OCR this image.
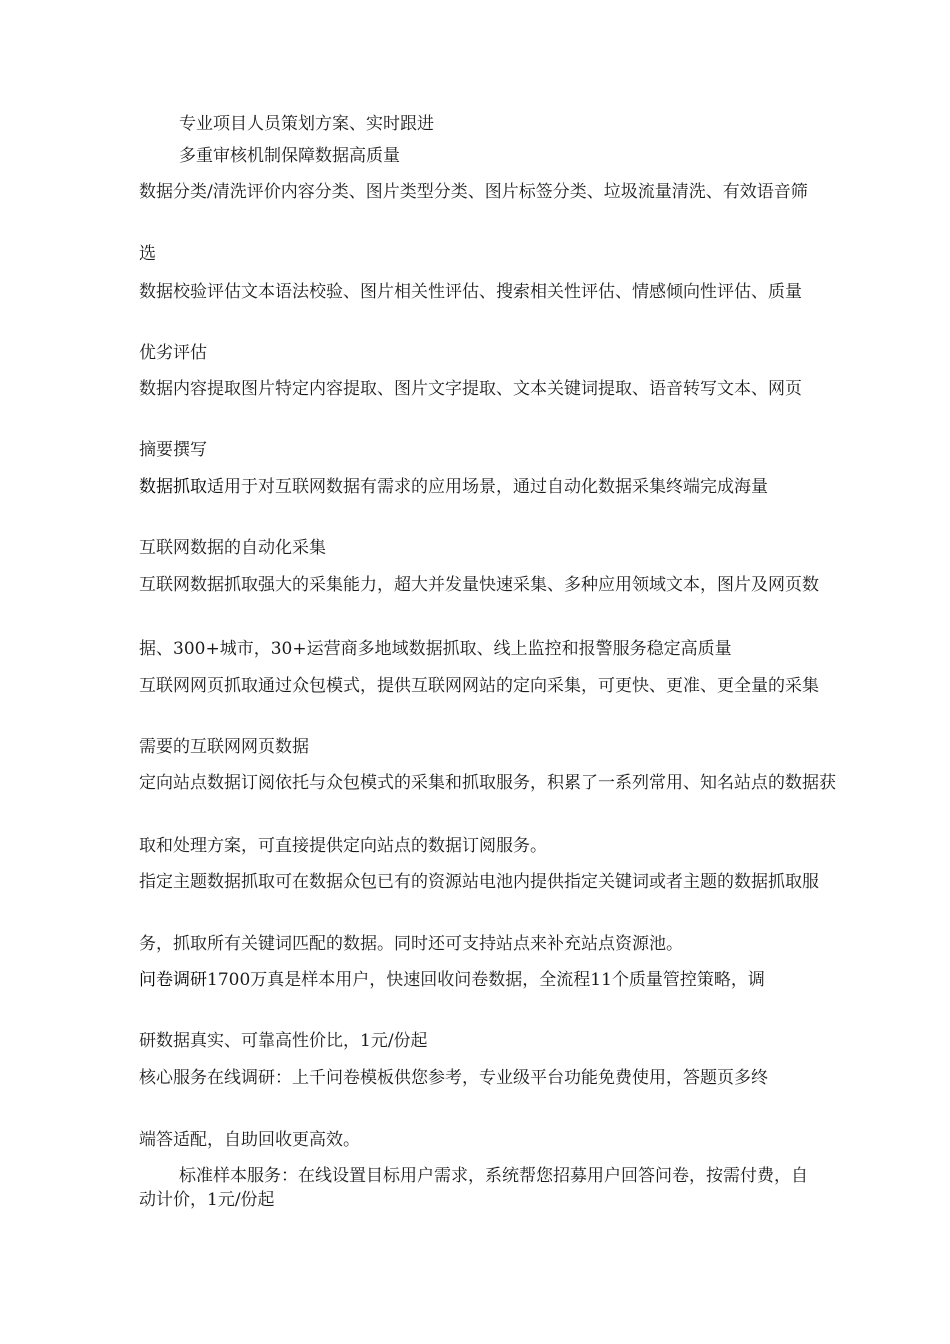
专业项目人员策划方案、实时跟进
多重审核机制保障数据高质量
数据分类/清洗评价内容分类、图片类型分类、图片标签分类、垃圾流量清洗、有效语音筛
选
数据校验评估文本语法校验、图片相关性评估、搜索相关性评估、情感倾向性评估、质量
优劣评估
数据内容提取图片特定内容提取、图片文字提取、文本关键词提取、语音转写文本、网页
摘要撰写
数据抓取适用于对互联网数据有需求的应用场景，通过自动化数据采集终端完成海量
互联网数据的自动化采集
互联网数据抓取强大的采集能力，超大并发量快速采集、多种应用领域文本，图片及网页数
据、300+城市，30+运营商多地域数据抓取、线上监控和报警服务稳定高质量
互联网网页抓取通过众包模式，提供互联网网站的定向采集，可更快、更准、更全量的采集
需要的互联网网页数据
定向站点数据订阅依托与众包模式的采集和抓取服务，积累了一系列常用、知名站点的数据获
取和处理方案，可直接提供定向站点的数据订阅服务。
指定主题数据抓取可在数据众包已有的资源站电池内提供指定关键词或者主题的数据抓取服
务，抓取所有关键词匹配的数据。同时还可支持站点来补充站点资源池。
问卷调研1700万真是样本用户，快速回收问卷数据，全流程11个质量管控策略，调
研数据真实、可靠高性价比，1元/份起
核心服务在线调研：上千问卷模板供您参考，专业级平台功能免费使用，答题页多终
端答适配，自助回收更高效。
标准样本服务：在线设置目标用户需求，系统帮您招募用户回答问卷，按需付费，自动计价，1元/份起
